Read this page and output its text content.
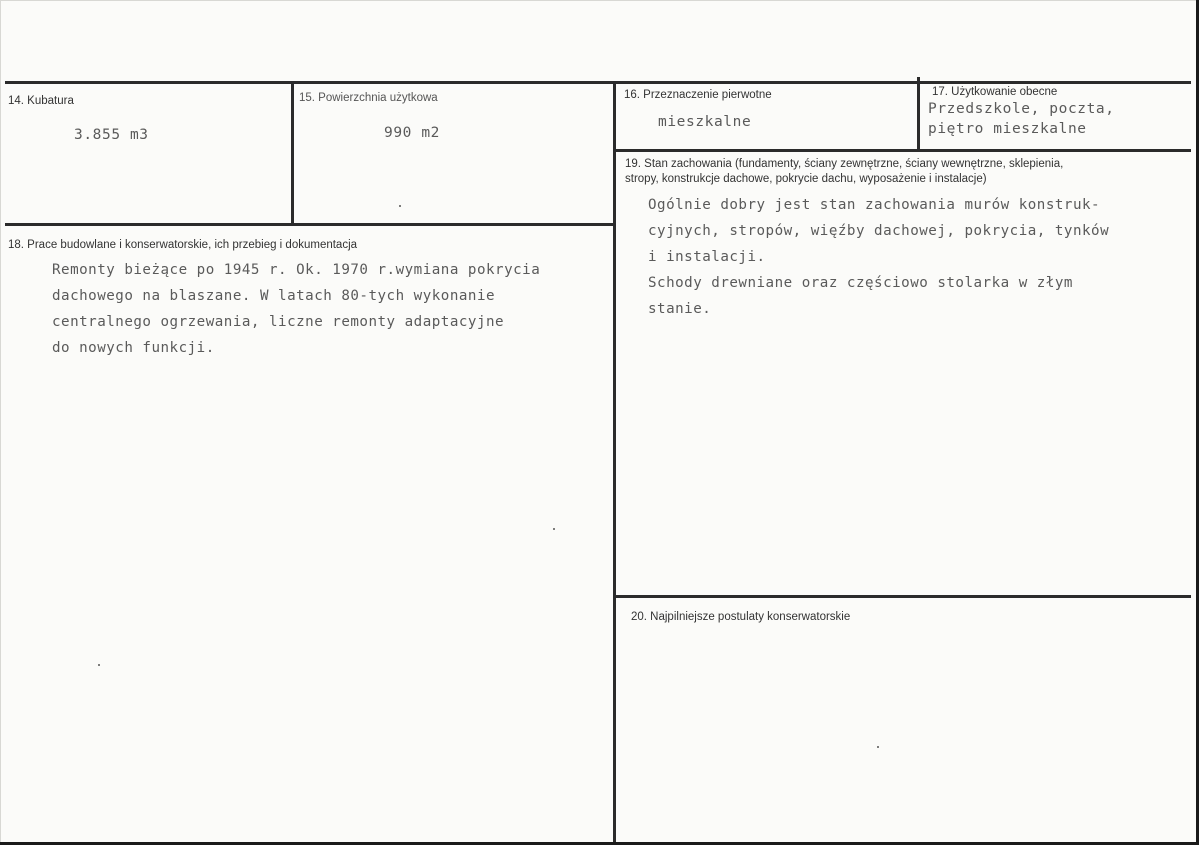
14. Kubatura
3.855 m3
15. Powierzchnia użytkowa
990 m2
16. Przeznaczenie pierwotne
mieszkalne
17. Użytkowanie obecne
Przedszkole, poczta,
piętro mieszkalne
19. Stan zachowania (fundamenty, ściany zewnętrzne, ściany wewnętrzne, sklepienia,
stropy, konstrukcje dachowe, pokrycie dachu, wyposażenie i instalacje)
Ogólnie dobry jest stan zachowania murów konstruk-
cyjnych, stropów, więźby dachowej, pokrycia, tynków
i instalacji.
Schody drewniane oraz częściowo stolarka w złym
stanie.
18. Prace budowlane i konserwatorskie, ich przebieg i dokumentacja
Remonty bieżące po 1945 r. Ok. 1970 r.wymiana pokrycia
dachowego na blaszane. W latach 80-tych wykonanie
centralnego ogrzewania, liczne remonty adaptacyjne
do nowych funkcji.
20. Najpilniejsze postulaty konserwatorskie
